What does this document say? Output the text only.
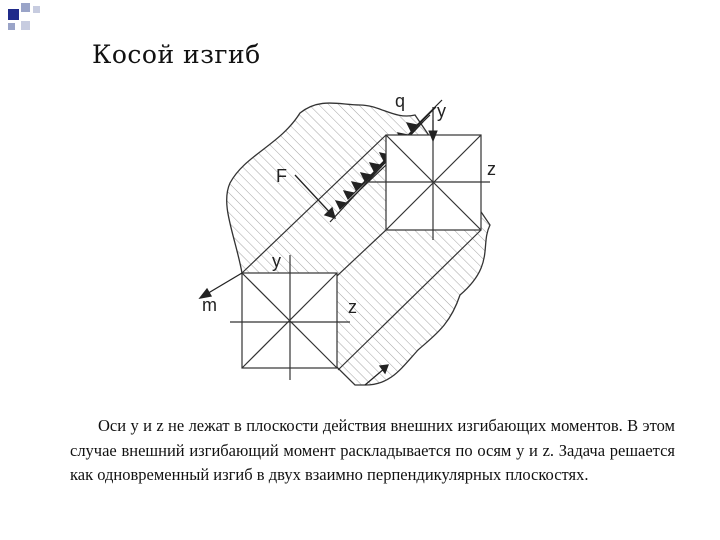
Косой изгиб
q y
z
F
y
m	z
Оси y и z не лежат в плоскости действия внешних изгибающих моментов. В этом случае внешний изгибающий момент раскладывается по осям y и z. Задача решается как одновременный изгиб в двух взаимно перпендикулярных плоскостях.
